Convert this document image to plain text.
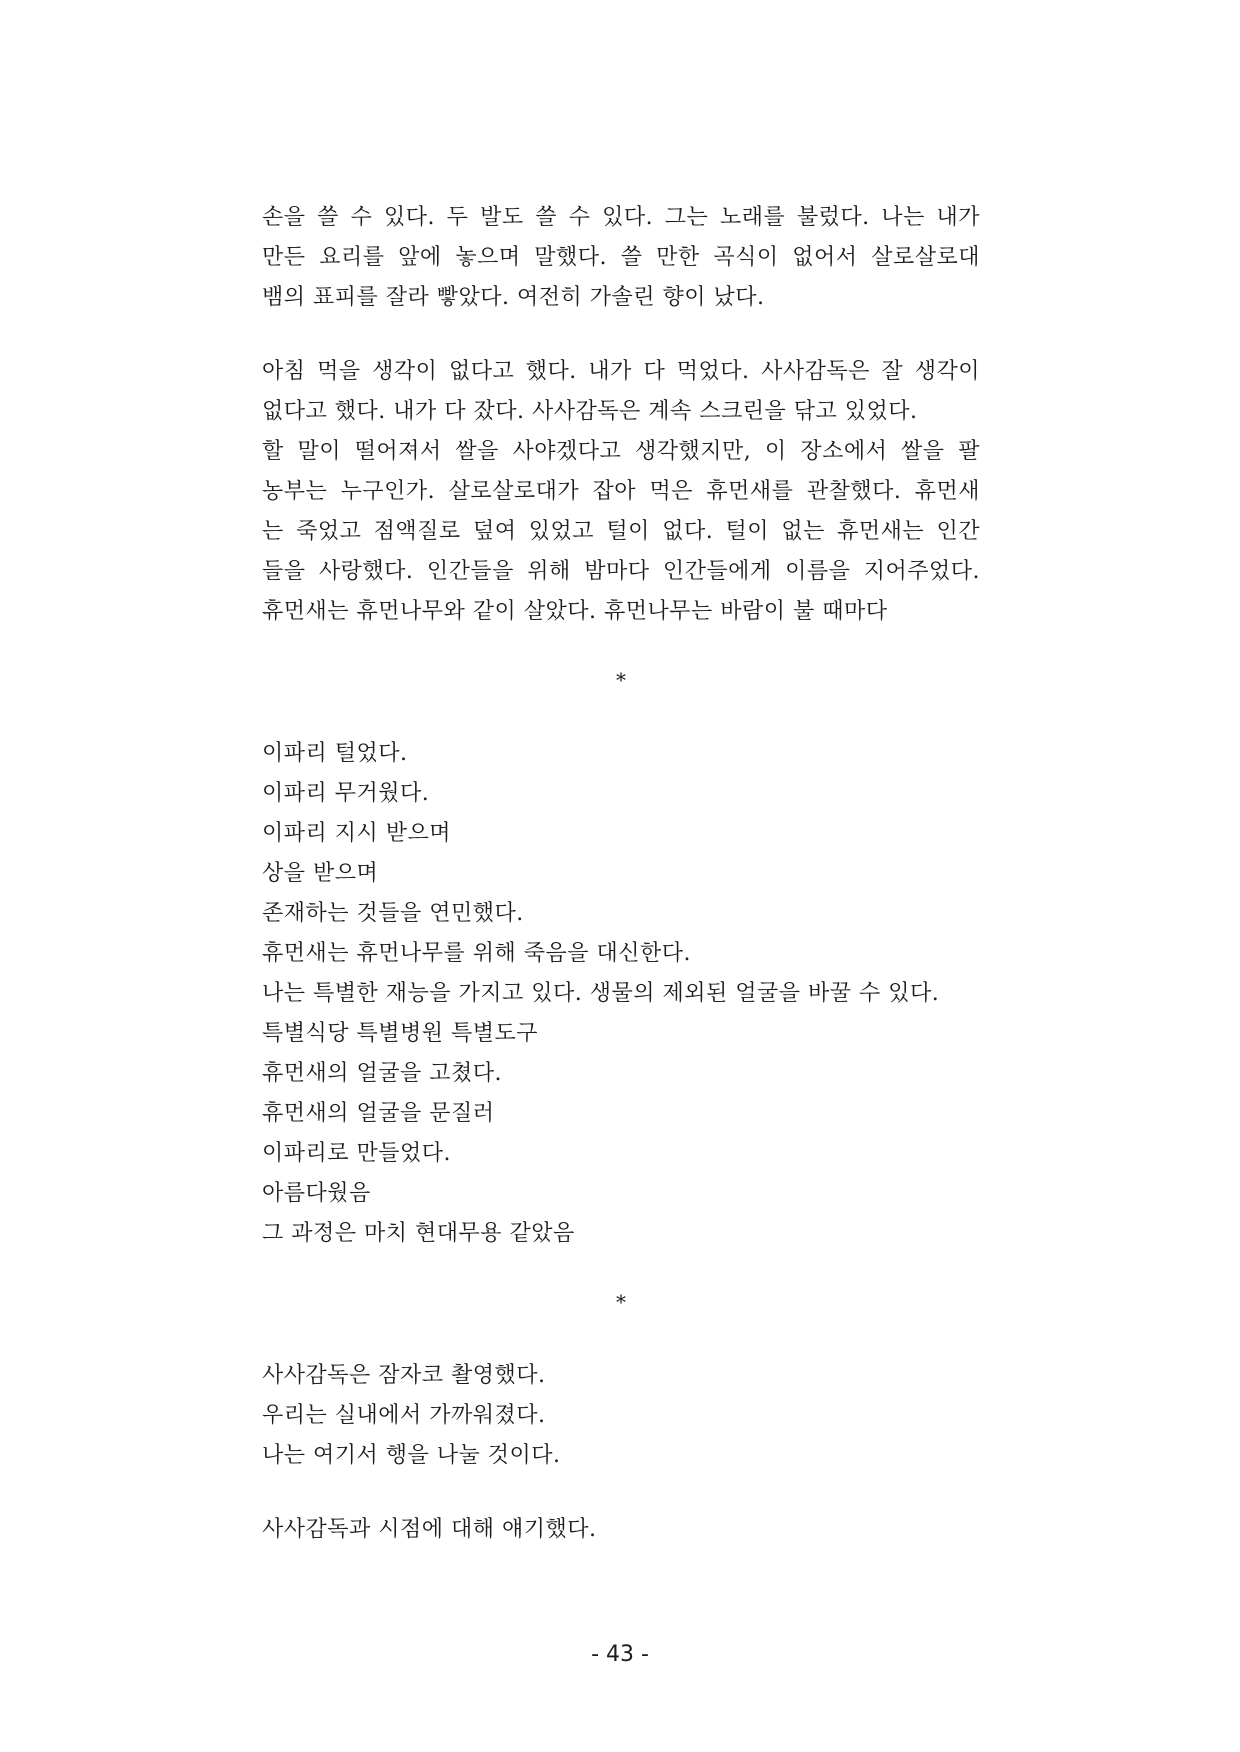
손을 쓸 수 있다. 두 발도 쓸 수 있다. 그는 노래를 불렀다. 나는 내가
만든 요리를 앞에 놓으며 말했다. 쓸 만한 곡식이 없어서 살로살로대
뱀의 표피를 잘라 빻았다. 여전히 가솔린 향이 났다.
아침 먹을 생각이 없다고 했다. 내가 다 먹었다. 사사감독은 잘 생각이
없다고 했다. 내가 다 잤다. 사사감독은 계속 스크린을 닦고 있었다.
할 말이 떨어져서 쌀을 사야겠다고 생각했지만, 이 장소에서 쌀을 팔
농부는 누구인가. 살로살로대가 잡아 먹은 휴먼새를 관찰했다. 휴먼새
는 죽었고 점액질로 덮여 있었고 털이 없다. 털이 없는 휴먼새는 인간
들을 사랑했다. 인간들을 위해 밤마다 인간들에게 이름을 지어주었다.
휴먼새는 휴먼나무와 같이 살았다. 휴먼나무는 바람이 불 때마다
*
이파리 털었다.
이파리 무거웠다.
이파리 지시 받으며
상을 받으며
존재하는 것들을 연민했다.
휴먼새는 휴먼나무를 위해 죽음을 대신한다.
나는 특별한 재능을 가지고 있다. 생물의 제외된 얼굴을 바꿀 수 있다.
특별식당 특별병원 특별도구
휴먼새의 얼굴을 고쳤다.
휴먼새의 얼굴을 문질러
이파리로 만들었다.
아름다웠음
그 과정은 마치 현대무용 같았음
*
사사감독은 잠자코 촬영했다.
우리는 실내에서 가까워졌다.
나는 여기서 행을 나눌 것이다.
사사감독과 시점에 대해 얘기했다.
- 43 -
